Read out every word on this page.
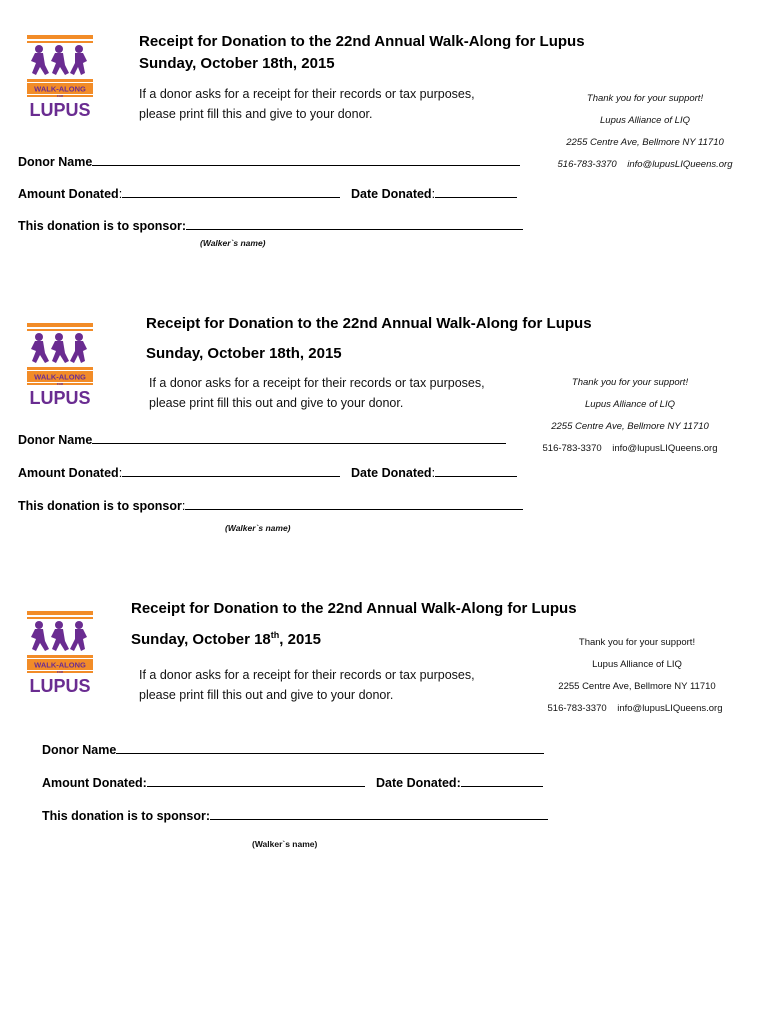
WALK-ALONG
FOR
LUPUS
Receipt for Donation to the 22nd Annual Walk-Along for Lupus
Sunday, October 18th, 2015
If a donor asks for a receipt for their records or tax purposes,
please print fill this and give to your donor.
Thank you for your support!
Lupus Alliance of LIQ
2255 Centre Ave, Bellmore NY 11710
516-783-3370 info@lupusLIQueens.org
Donor Name
Amount Donated:	Date Donated:
This donation is to sponsor:
(Walker`s name)
WALK-ALONG
FOR
LUPUS
Receipt for Donation to the 22nd Annual Walk-Along for Lupus
Sunday, October 18th, 2015
If a donor asks for a receipt for their records or tax purposes,
please print fill this out and give to your donor.
Thank you for your support!
Lupus Alliance of LIQ
2255 Centre Ave, Bellmore NY 11710
516-783-3370 info@lupusLIQueens.org
Donor Name
Amount Donated:	Date Donated:
This donation is to sponsor:
(Walker`s name)
WALK-ALONG
FOR
LUPUS
Receipt for Donation to the 22nd Annual Walk-Along for Lupus
Sunday, October 18th, 2015
If a donor asks for a receipt for their records or tax purposes,
please print fill this out and give to your donor.
Thank you for your support!
Lupus Alliance of LIQ
2255 Centre Ave, Bellmore NY 11710
516-783-3370 info@lupusLIQueens.org
Donor Name
Amount Donated:	Date Donated:
This donation is to sponsor:
(Walker`s name)
